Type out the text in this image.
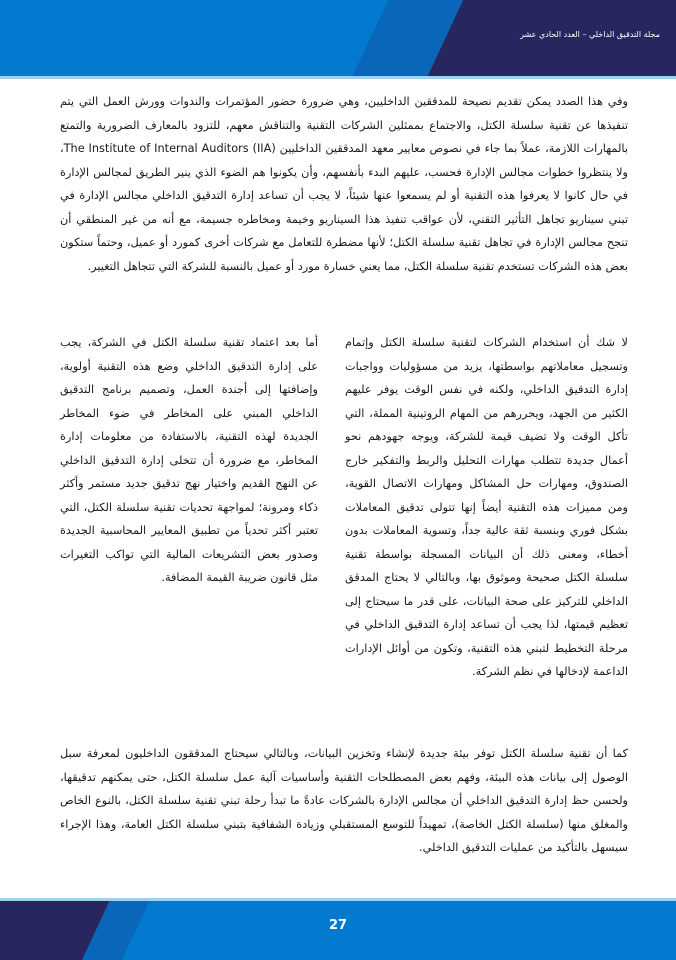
مجلة التدقيق الداخلي – العدد الحادي عشر

وفي هذا الصدد يمكن تقديم نصيحة للمدققين الداخليين، وهي ضرورة حضور المؤتمرات والندوات وورش العمل التي يتم تنفيذها عن تقنية سلسلة الكتل، والاجتماع بممثلين الشركات التقنية والتناقش معهم، للتزود بالمعارف الضرورية والتمتع بالمهارات اللازمة، عملاً بما جاء في نصوص معايير معهد المدققين الداخليين The Institute of Internal Auditors (IIA)، ولا ينتظروا خطوات مجالس الإدارة فحسب، عليهم البدء بأنفسهم، وأن يكونوا هم الضوء الذي ينير الطريق لمجالس الإدارة في حال كانوا لا يعرفوا هذه التقنية أو لم يسمعوا عنها شيئاً، لا يجب أن تساعد إدارة التدقيق الداخلي مجالس الإدارة في تبني سيناريو تجاهل التأثير التقني، لأن عواقب تنفيذ هذا السيناريو وخيمة ومخاطره جسيمة، مع أنه من غير المنطقي أن تنجح مجالس الإدارة في تجاهل تقنية سلسلة الكتل؛ لأنها مضطرة للتعامل مع شركات أخرى كمورد أو عميل، وحتماً ستكون بعض هذه الشركات تستخدم تقنية سلسلة الكتل، مما يعني خسارة مورد أو عميل بالنسبة للشركة التي تتجاهل التغيير.

لا شك أن استخدام الشركات لتقنية سلسلة الكتل وإتمام وتسجيل معاملاتهم بواسطتها، يزيد من مسؤوليات وواجبات إدارة التدقيق الداخلي، ولكنه في نفس الوقت يوفر عليهم الكثير من الجهد، ويحررهم من المهام الروتينية المملة، التي تأكل الوقت ولا تضيف قيمة للشركة، ويوجه جهودهم نحو أعمال جديدة تتطلب مهارات التحليل والربط والتفكير خارج الصندوق، ومهارات حل المشاكل ومهارات الاتصال القوية، ومن مميزات هذه التقنية أيضاً إنها تتولى تدقيق المعاملات بشكل فوري وبنسبة ثقة عالية جداً، وتسوية المعاملات بدون أخطاء، ومعنى ذلك أن البيانات المسجلة بواسطة تقنية سلسلة الكتل صحيحة وموثوق بها، وبالتالي لا يحتاج المدقق الداخلي للتركيز على صحة البيانات، على قدر ما سيحتاج إلى تعظيم قيمتها، لذا يجب أن تساعد إدارة التدقيق الداخلي في مرحلة التخطيط لتبني هذه التقنية، وتكون من أوائل الإدارات الداعمة لإدخالها في نظم الشركة.

أما بعد اعتماد تقنية سلسلة الكتل في الشركة، يجب على إدارة التدقيق الداخلي وضع هذه التقنية أولوية، وإضافتها إلى أجندة العمل، وتصميم برنامج التدقيق الداخلي المبني على المخاطر في ضوء المخاطر الجديدة لهذه التقنية، بالاستفادة من معلومات إدارة المخاطر، مع ضرورة أن تتخلى إدارة التدقيق الداخلي عن النهج القديم واختيار نهج تدقيق جديد مستمر وأكثر ذكاء ومرونة؛ لمواجهة تحديات تقنية سلسلة الكتل، التي تعتبر أكثر تحدياً من تطبيق المعايير المحاسبية الجديدة وصدور بعض التشريعات المالية التي تواكب التغيرات مثل قانون ضريبة القيمة المضافة.

كما أن تقنية سلسلة الكتل توفر بيئة جديدة لإنشاء وتخزين البيانات، وبالتالي سيحتاج المدققون الداخليون لمعرفة سبل الوصول إلى بيانات هذه البيئة، وفهم بعض المصطلحات التقنية وأساسيات آلية عمل سلسلة الكتل، حتى يمكنهم تدقيقها، ولحسن حظ إدارة التدقيق الداخلي أن مجالس الإدارة بالشركات عادةً ما تبدأ رحلة تبني تقنية سلسلة الكتل، بالنوع الخاص والمغلق منها (سلسلة الكتل الخاصة)، تمهيداً للتوسع المستقبلي وزيادة الشفافية بتبني سلسلة الكتل العامة، وهذا الإجراء سيسهل بالتأكيد من عمليات التدقيق الداخلي.

27
